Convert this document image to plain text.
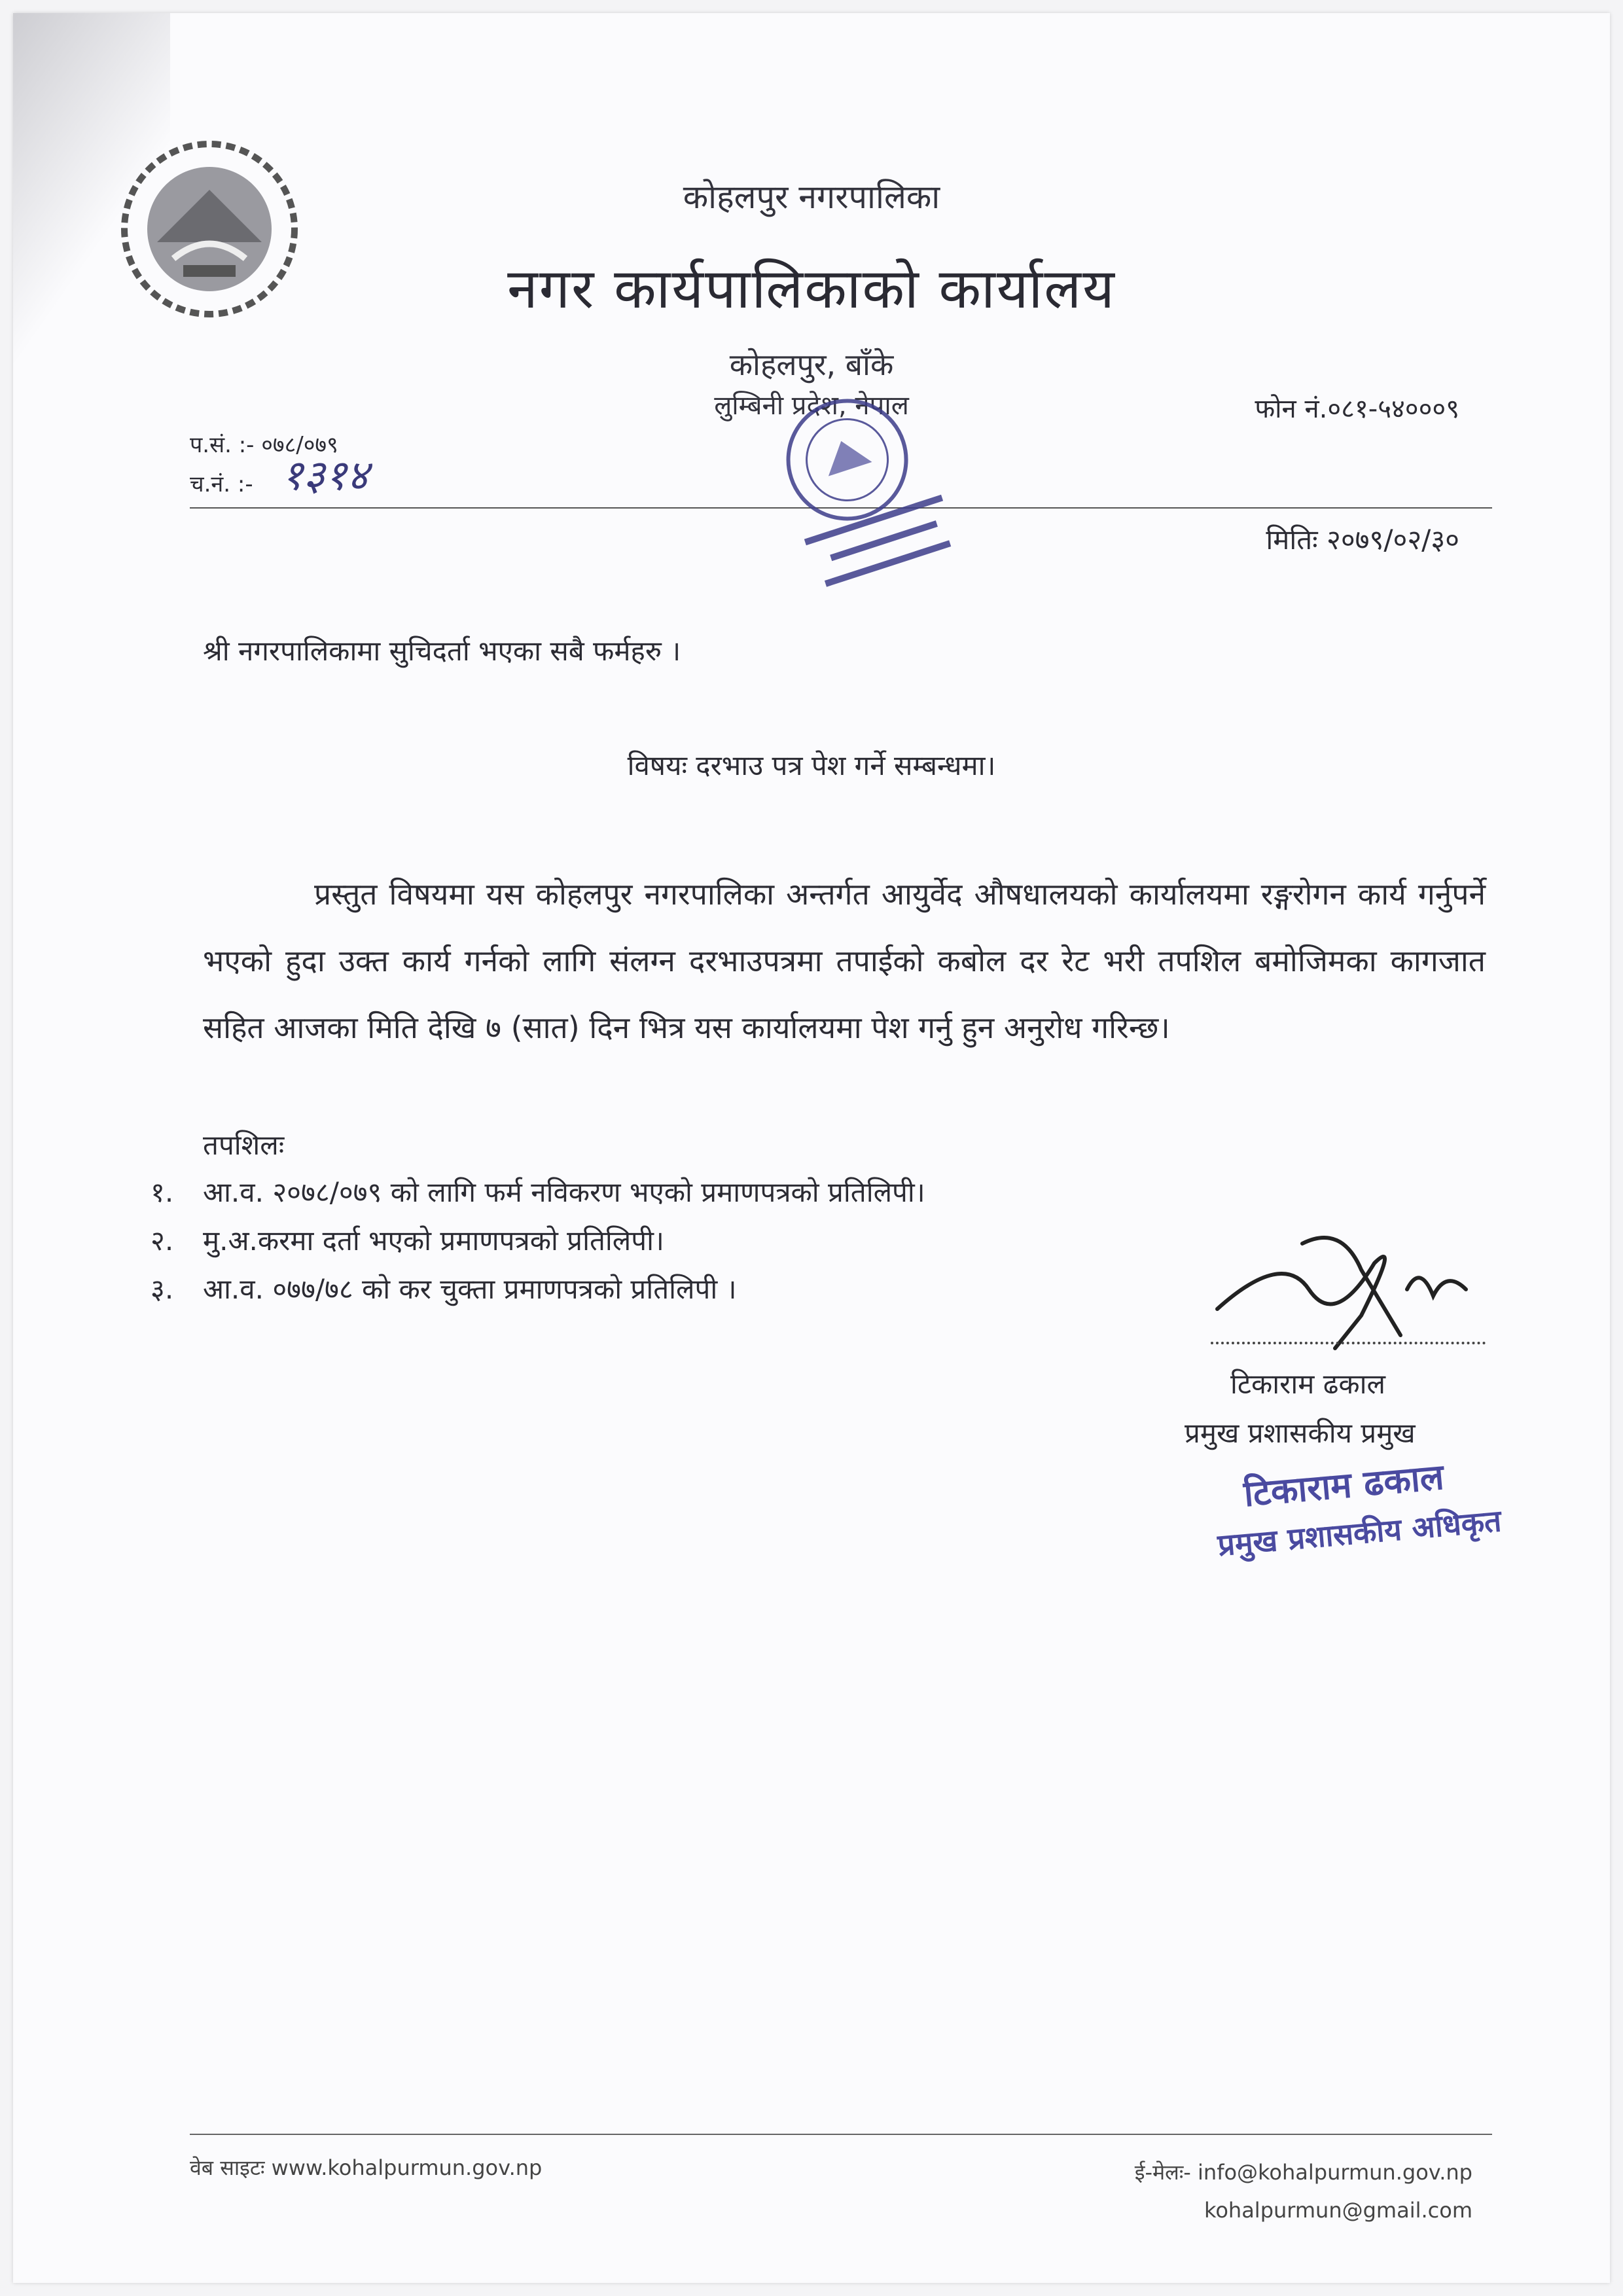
कोहलपुर नगरपालिका
नगर कार्यपालिकाको कार्यालय
कोहलपुर, बाँके
लुम्बिनी प्रदेश, नेपाल	फोन नं.०८१-५४०००९
प.सं. :- ०७८/०७९
च.नं. :- १३१४
मितिः २०७९/०२/३०
श्री नगरपालिकामा सुचिदर्ता भएका सबै फर्महरु ।
विषयः दरभाउ पत्र पेश गर्ने सम्बन्धमा।
प्रस्तुत विषयमा यस कोहलपुर नगरपालिका अन्तर्गत आयुर्वेद औषधालयको कार्यालयमा रङ्गरोगन कार्य गर्नुपर्ने भएको हुदा उक्त कार्य गर्नको लागि संलग्न दरभाउपत्रमा तपाईको कबोल दर रेट भरी तपशिल बमोजिमका कागजात सहित आजका मिति देखि ७ (सात) दिन भित्र यस कार्यालयमा पेश गर्नु हुन अनुरोध गरिन्छ।
तपशिलः
१.	आ.व. २०७८/०७९ को लागि फर्म नविकरण भएको प्रमाणपत्रको प्रतिलिपी।
२.	मु.अ.करमा दर्ता भएको प्रमाणपत्रको प्रतिलिपी।
३.	आ.व. ०७७/७८ को कर चुक्ता प्रमाणपत्रको प्रतिलिपी ।
टिकाराम ढकाल
प्रमुख प्रशासकीय प्रमुख
टिकाराम ढकाल
प्रमुख प्रशासकीय अधिकृत
वेब साइटः www.kohalpurmun.gov.np	ई-मेलः- info@kohalpurmun.gov.np
kohalpurmun@gmail.com
